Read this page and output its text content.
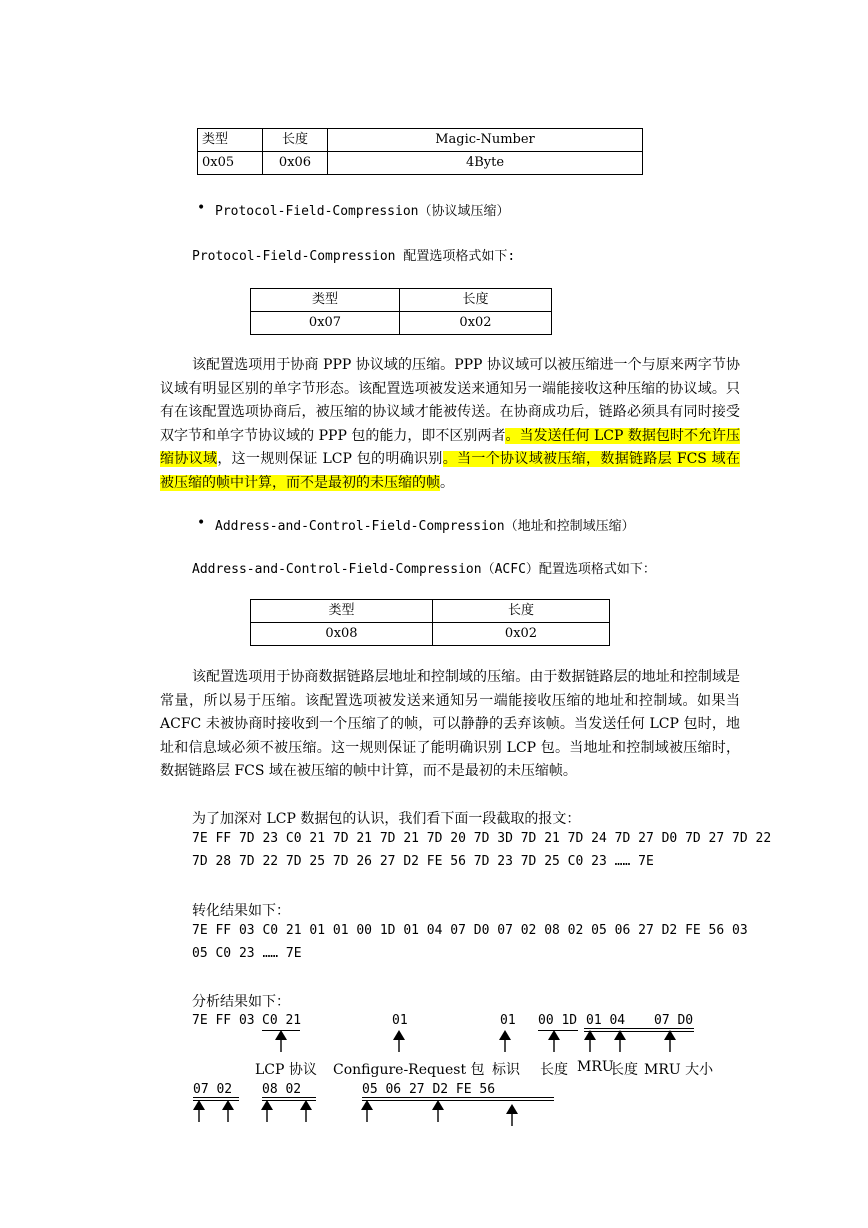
类型	长度	Magic-Number
0x05	0x06	4Byte
• Protocol-Field-Compression（协议域压缩）
Protocol-Field-Compression 配置选项格式如下:
类型	长度
0x07	0x02
该配置选项用于协商 PPP 协议域的压缩。PPP 协议域可以被压缩进一个与原来两字节协议域有明显区别的单字节形态。该配置选项被发送来通知另一端能接收这种压缩的协议域。只有在该配置选项协商后，被压缩的协议域才能被传送。在协商成功后，链路必须具有同时接受双字节和单字节协议域的 PPP 包的能力，即不区别两者。当发送任何 LCP 数据包时不允许压缩协议域，这一规则保证 LCP 包的明确识别。当一个协议域被压缩，数据链路层 FCS 域在被压缩的帧中计算，而不是最初的未压缩的帧。
• Address-and-Control-Field-Compression（地址和控制域压缩）
Address-and-Control-Field-Compression（ACFC）配置选项格式如下：
类型	长度
0x08	0x02
该配置选项用于协商数据链路层地址和控制域的压缩。由于数据链路层的地址和控制域是常量，所以易于压缩。该配置选项被发送来通知另一端能接收压缩的地址和控制域。如果当 ACFC 未被协商时接收到一个压缩了的帧，可以静静的丢弃该帧。当发送任何 LCP 包时，地址和信息域必须不被压缩。这一规则保证了能明确识别 LCP 包。当地址和控制域被压缩时，数据链路层 FCS 域在被压缩的帧中计算，而不是最初的未压缩帧。
为了加深对 LCP 数据包的认识，我们看下面一段截取的报文：
7E FF 7D 23 C0 21 7D 21 7D 21 7D 20 7D 3D 7D 21 7D 24 7D 27 D0 7D 27 7D 22
7D 28 7D 22 7D 25 7D 26 27 D2 FE 56 7D 23 7D 25 C0 23 …… 7E
转化结果如下：
7E FF 03 C0 21 01 01 00 1D 01 04 07 D0 07 02 08 02 05 06 27 D2 FE 56 03
05 C0 23 …… 7E
分析结果如下：
7E FF 03 C0 21	01	01 00 1D 01 04 07 D0
LCP 协议 Configure-Request 包 标识 长度 MRU
长度 MRU 大小
07 02 08 02	05 06 27 D2 FE 56
